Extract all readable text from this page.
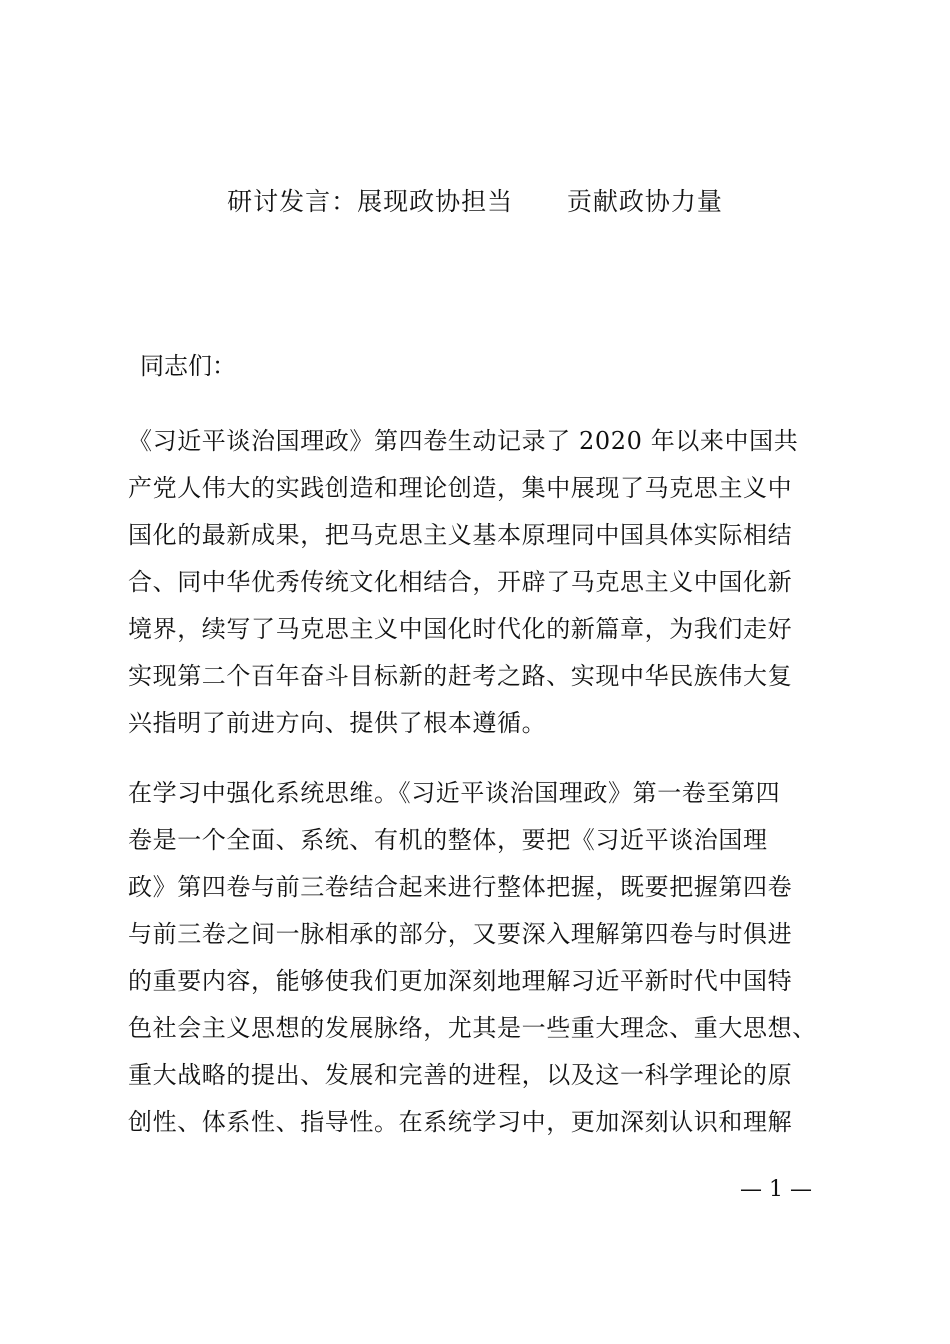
研讨发言：展现政协担当      贡献政协力量
同志们：
《习近平谈治国理政》第四卷生动记录了 2020 年以来中国共
产党人伟大的实践创造和理论创造，集中展现了马克思主义中
国化的最新成果，把马克思主义基本原理同中国具体实际相结
合、同中华优秀传统文化相结合，开辟了马克思主义中国化新
境界，续写了马克思主义中国化时代化的新篇章，为我们走好
实现第二个百年奋斗目标新的赶考之路、实现中华民族伟大复
兴指明了前进方向、提供了根本遵循。
在学习中强化系统思维。《习近平谈治国理政》第一卷至第四
卷是一个全面、系统、有机的整体，要把《习近平谈治国理
政》第四卷与前三卷结合起来进行整体把握，既要把握第四卷
与前三卷之间一脉相承的部分，又要深入理解第四卷与时俱进
的重要内容，能够使我们更加深刻地理解习近平新时代中国特
色社会主义思想的发展脉络，尤其是一些重大理念、重大思想、
重大战略的提出、发展和完善的进程，以及这一科学理论的原
创性、体系性、指导性。在系统学习中，更加深刻认识和理解
— 1 —
